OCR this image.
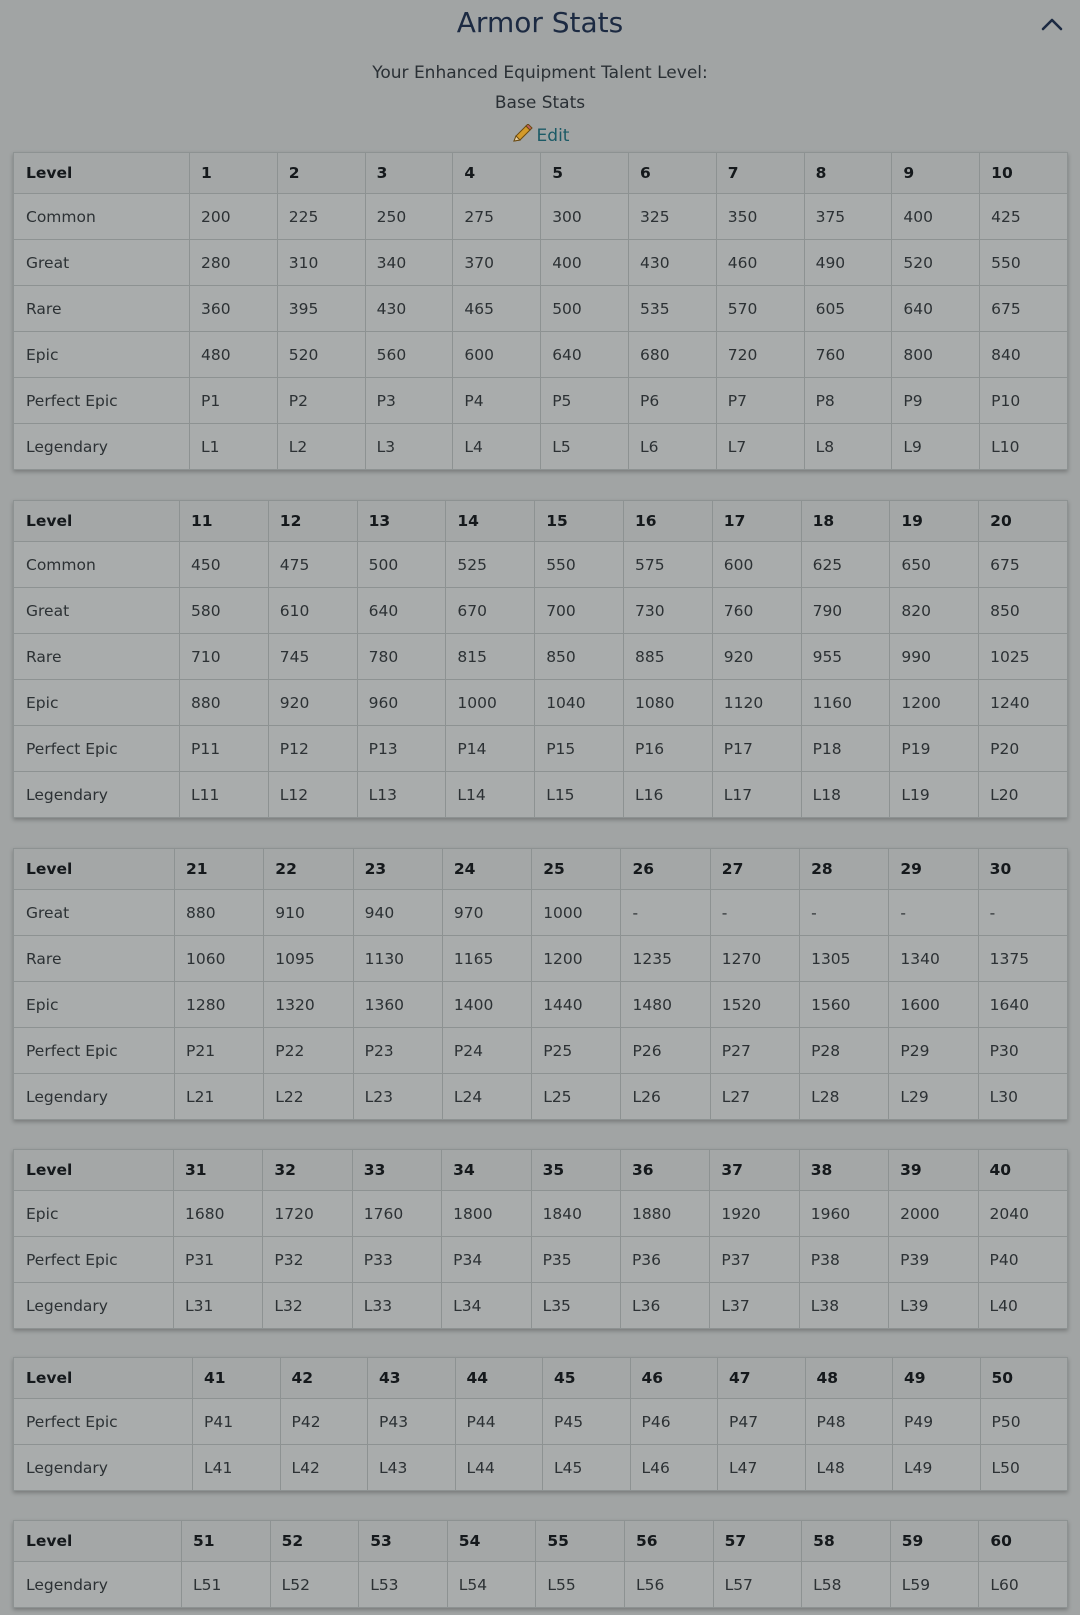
Armor Stats
Your Enhanced Equipment Talent Level:
Base Stats
Edit
Level	1	2	3	4	5	6	7	8	9	10
Common	200	225	250	275	300	325	350	375	400	425
Great	280	310	340	370	400	430	460	490	520	550
Rare	360	395	430	465	500	535	570	605	640	675
Epic	480	520	560	600	640	680	720	760	800	840
Perfect Epic	P1	P2	P3	P4	P5	P6	P7	P8	P9	P10
Legendary	L1	L2	L3	L4	L5	L6	L7	L8	L9	L10
Level	11	12	13	14	15	16	17	18	19	20
Common	450	475	500	525	550	575	600	625	650	675
Great	580	610	640	670	700	730	760	790	820	850
Rare	710	745	780	815	850	885	920	955	990	1025
Epic	880	920	960	1000	1040	1080	1120	1160	1200	1240
Perfect Epic	P11	P12	P13	P14	P15	P16	P17	P18	P19	P20
Legendary	L11	L12	L13	L14	L15	L16	L17	L18	L19	L20
Level	21	22	23	24	25	26	27	28	29	30
Great	880	910	940	970	1000	-	-	-	-	-
Rare	1060	1095	1130	1165	1200	1235	1270	1305	1340	1375
Epic	1280	1320	1360	1400	1440	1480	1520	1560	1600	1640
Perfect Epic	P21	P22	P23	P24	P25	P26	P27	P28	P29	P30
Legendary	L21	L22	L23	L24	L25	L26	L27	L28	L29	L30
Level	31	32	33	34	35	36	37	38	39	40
Epic	1680	1720	1760	1800	1840	1880	1920	1960	2000	2040
Perfect Epic	P31	P32	P33	P34	P35	P36	P37	P38	P39	P40
Legendary	L31	L32	L33	L34	L35	L36	L37	L38	L39	L40
Level	41	42	43	44	45	46	47	48	49	50
Perfect Epic	P41	P42	P43	P44	P45	P46	P47	P48	P49	P50
Legendary	L41	L42	L43	L44	L45	L46	L47	L48	L49	L50
Level	51	52	53	54	55	56	57	58	59	60
Legendary	L51	L52	L53	L54	L55	L56	L57	L58	L59	L60
